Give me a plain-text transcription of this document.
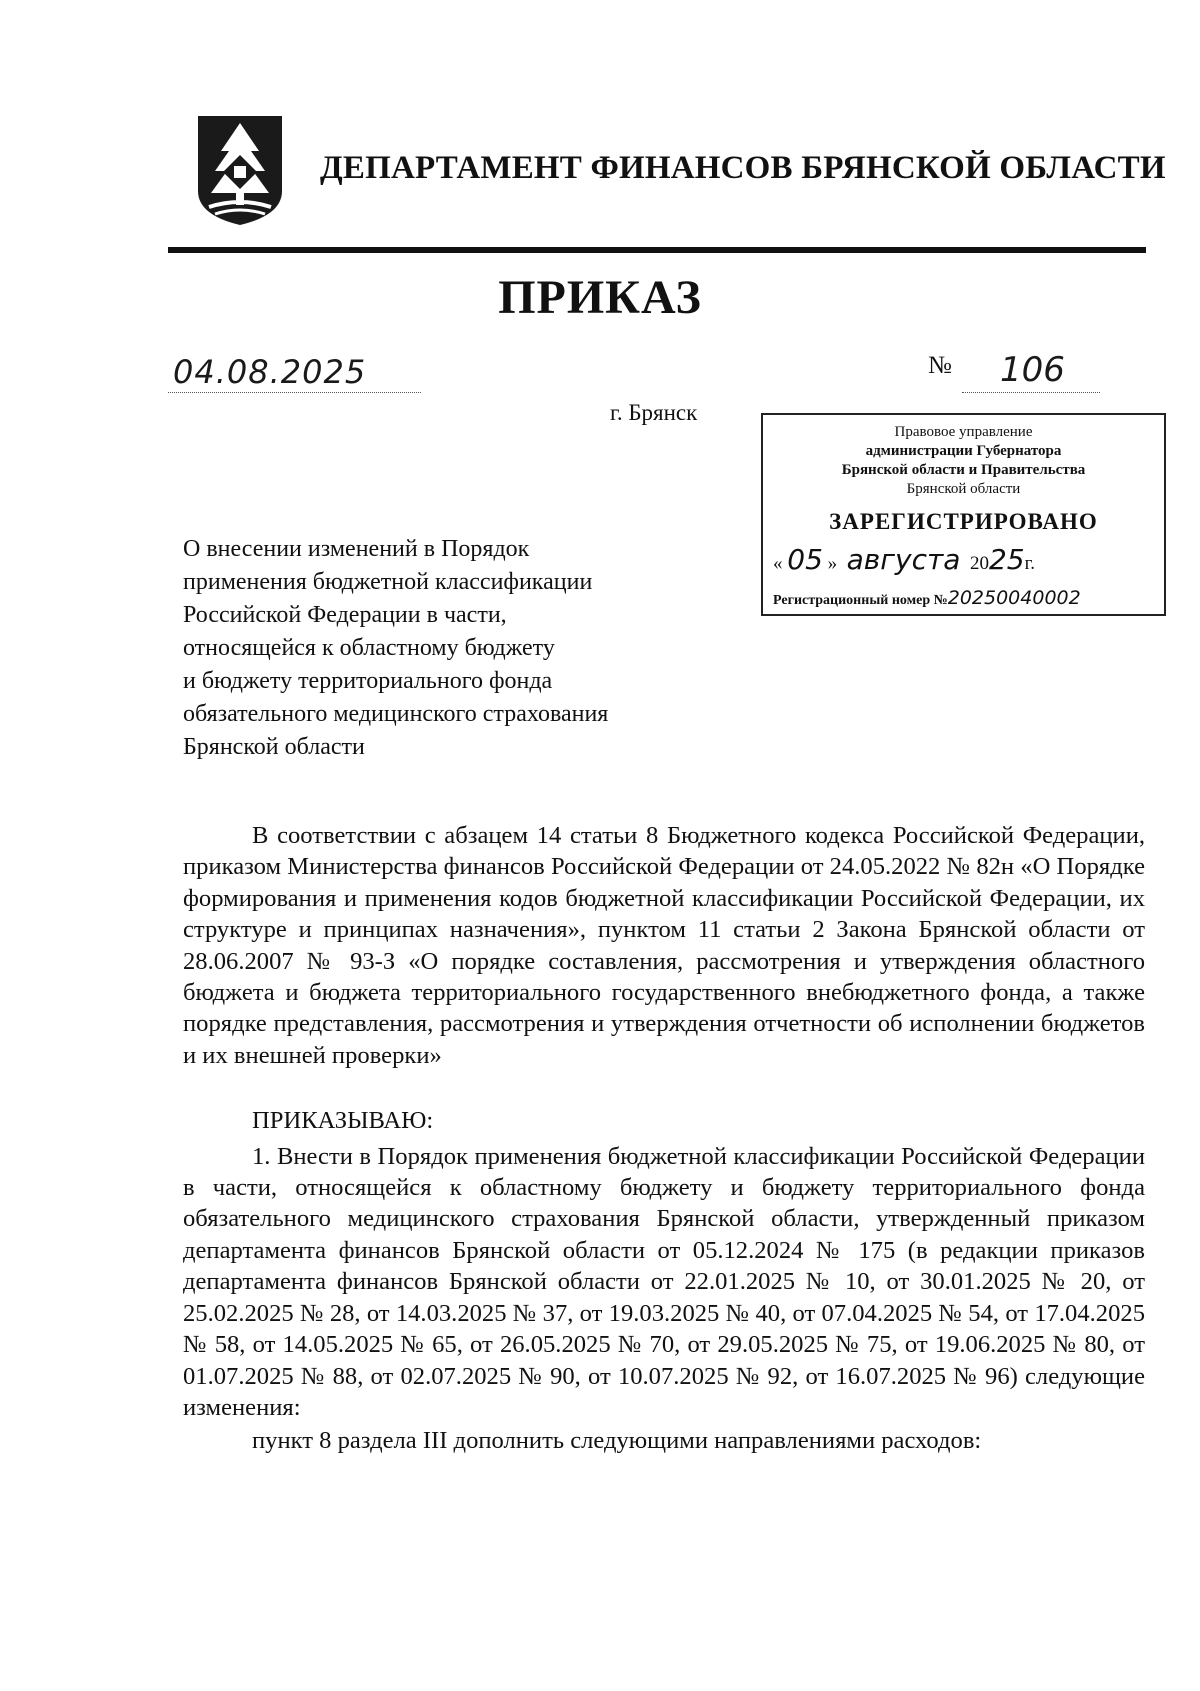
ДЕПАРТАМЕНТ ФИНАНСОВ БРЯНСКОЙ ОБЛАСТИ
ПРИКАЗ
04.08.2025	№ 106
г. Брянск
Правовое управление
администрации Губернатора
Брянской области и Правительства
Брянской области
ЗАРЕГИСТРИРОВАНО
« 05 »  августа 2025г.
Регистрационный номер №20250040002
О внесении изменений в Порядок
применения бюджетной классификации
Российской Федерации в части,
относящейся к областному бюджету
и бюджету территориального фонда
обязательного медицинского страхования
Брянской области

В соответствии с абзацем 14 статьи 8 Бюджетного кодекса Российской Федерации, приказом Министерства финансов Российской Федерации от 24.05.2022 № 82н «О Порядке формирования и применения кодов бюджетной классификации Российской Федерации, их структуре и принципах назначения», пунктом 11 статьи 2 Закона Брянской области от 28.06.2007 № 93-З «О порядке составления, рассмотрения и утверждения областного бюджета и бюджета территориального государственного внебюджетного фонда, а также порядке представления, рассмотрения и утверждения отчетности об исполнении бюджетов и их внешней проверки»

ПРИКАЗЫВАЮ:

1. Внести в Порядок применения бюджетной классификации Российской Федерации в части, относящейся к областному бюджету и бюджету территориального фонда обязательного медицинского страхования Брянской области, утвержденный приказом департамента финансов Брянской области от 05.12.2024 № 175 (в редакции приказов департамента финансов Брянской области от 22.01.2025 № 10, от 30.01.2025 № 20, от 25.02.2025 № 28, от 14.03.2025 № 37, от 19.03.2025 № 40, от 07.04.2025 № 54, от 17.04.2025 № 58, от 14.05.2025 № 65, от 26.05.2025 № 70, от 29.05.2025 № 75, от 19.06.2025 № 80, от 01.07.2025 № 88, от 02.07.2025 № 90, от 10.07.2025 № 92, от 16.07.2025 № 96) следующие изменения:

пункт 8 раздела III дополнить следующими направлениями расходов:
